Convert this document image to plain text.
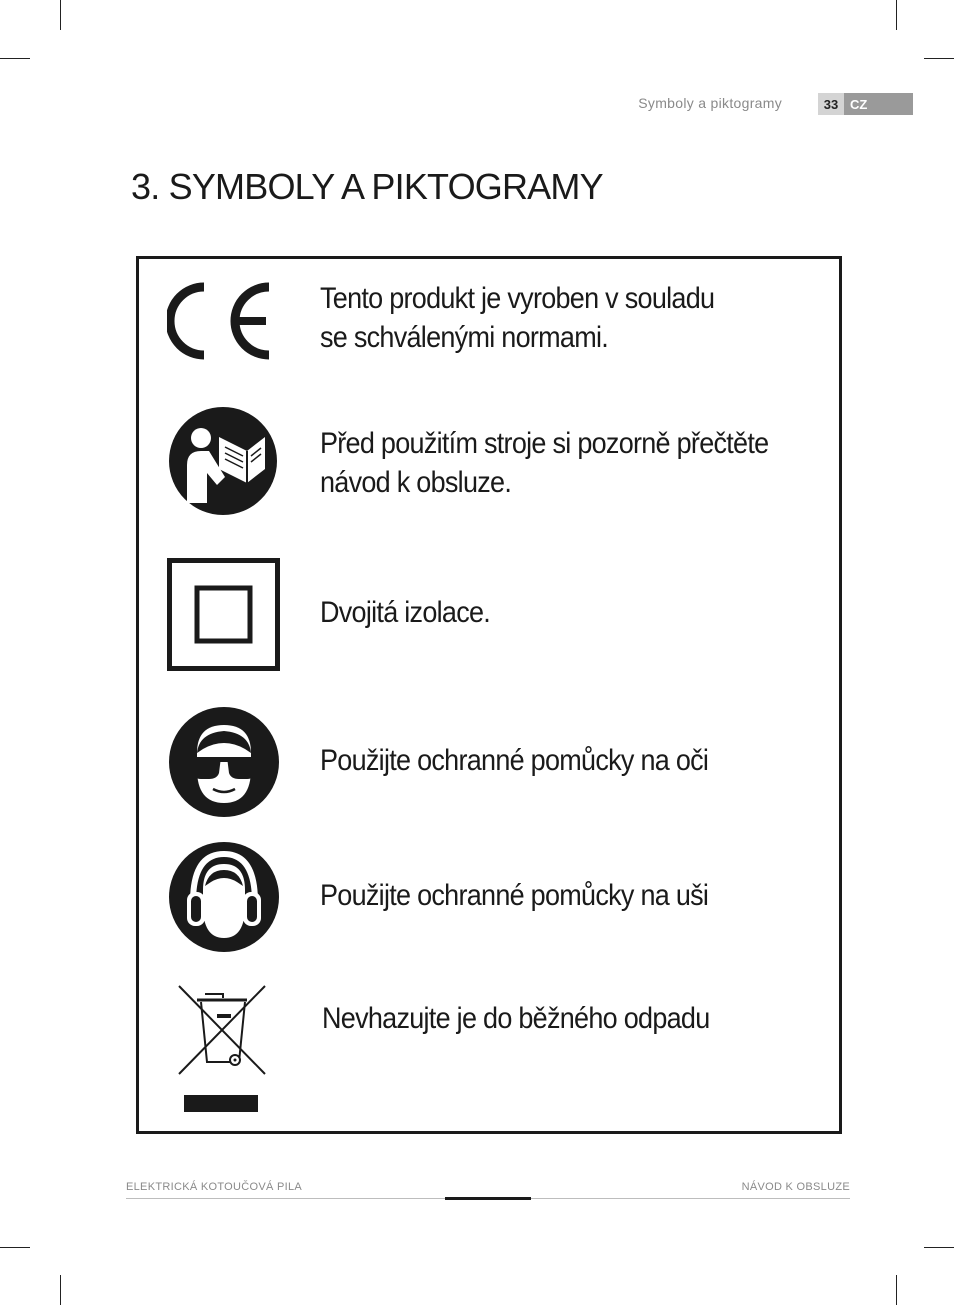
Symboly a piktogramy	33 CZ
3. SYMBOLY A PIKTOGRAMY

Tento produkt je vyroben v souladu
se schválenými normami.

Před použitím stroje si pozorně přečtěte
návod k obsluze.

Dvojitá izolace.

Použijte ochranné pomůcky na oči

Použijte ochranné pomůcky na uši

Nevhazujte je do běžného odpadu

ELEKTRICKÁ KOTOUČOVÁ PILA	NÁVOD K OBSLUZE
